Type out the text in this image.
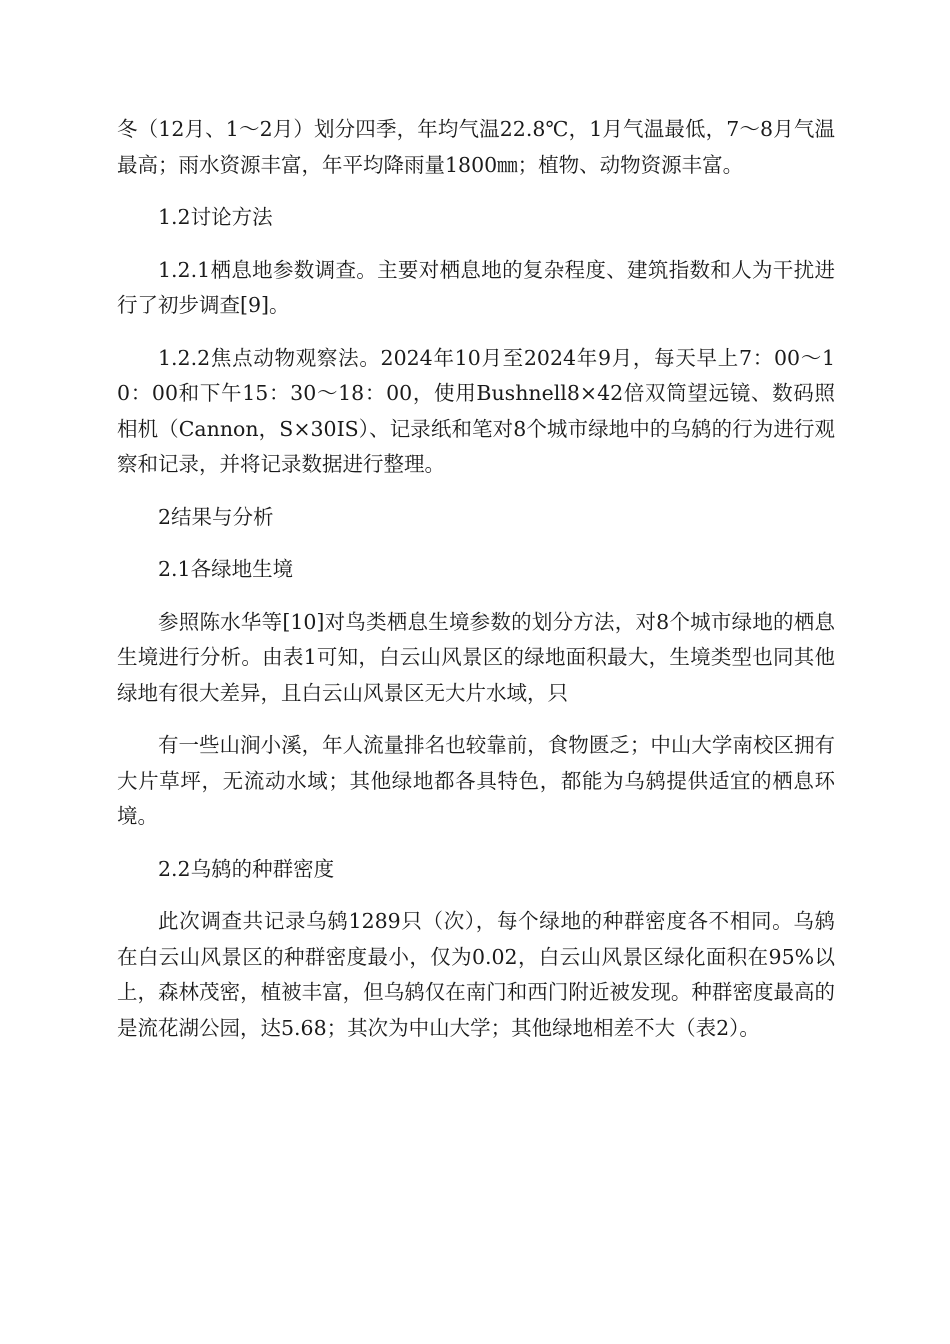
冬（12月、1～2月）划分四季，年均气温22.8℃，1月气温最低，7～8月气温最高；雨水资源丰富，年平均降雨量1800㎜；植物、动物资源丰富。

1.2讨论方法

1.2.1栖息地参数调查。主要对栖息地的复杂程度、建筑指数和人为干扰进行了初步调查[9]。

1.2.2焦点动物观察法。2024年10月至2024年9月，每天早上7：00～10：00和下午15：30～18：00，使用Bushnell8×42倍双筒望远镜、数码照相机（Cannon，S×30IS）、记录纸和笔对8个城市绿地中的乌鸫的行为进行观察和记录，并将记录数据进行整理。

2结果与分析

2.1各绿地生境

参照陈水华等[10]对鸟类栖息生境参数的划分方法，对8个城市绿地的栖息生境进行分析。由表1可知，白云山风景区的绿地面积最大，生境类型也同其他绿地有很大差异，且白云山风景区无大片水域，只

有一些山涧小溪，年人流量排名也较靠前，食物匮乏；中山大学南校区拥有大片草坪，无流动水域；其他绿地都各具特色，都能为乌鸫提供适宜的栖息环境。

2.2乌鸫的种群密度

此次调查共记录乌鸫1289只（次），每个绿地的种群密度各不相同。乌鸫在白云山风景区的种群密度最小，仅为0.02，白云山风景区绿化面积在95%以上，森林茂密，植被丰富，但乌鸫仅在南门和西门附近被发现。种群密度最高的是流花湖公园，达5.68；其次为中山大学；其他绿地相差不大（表2）。
